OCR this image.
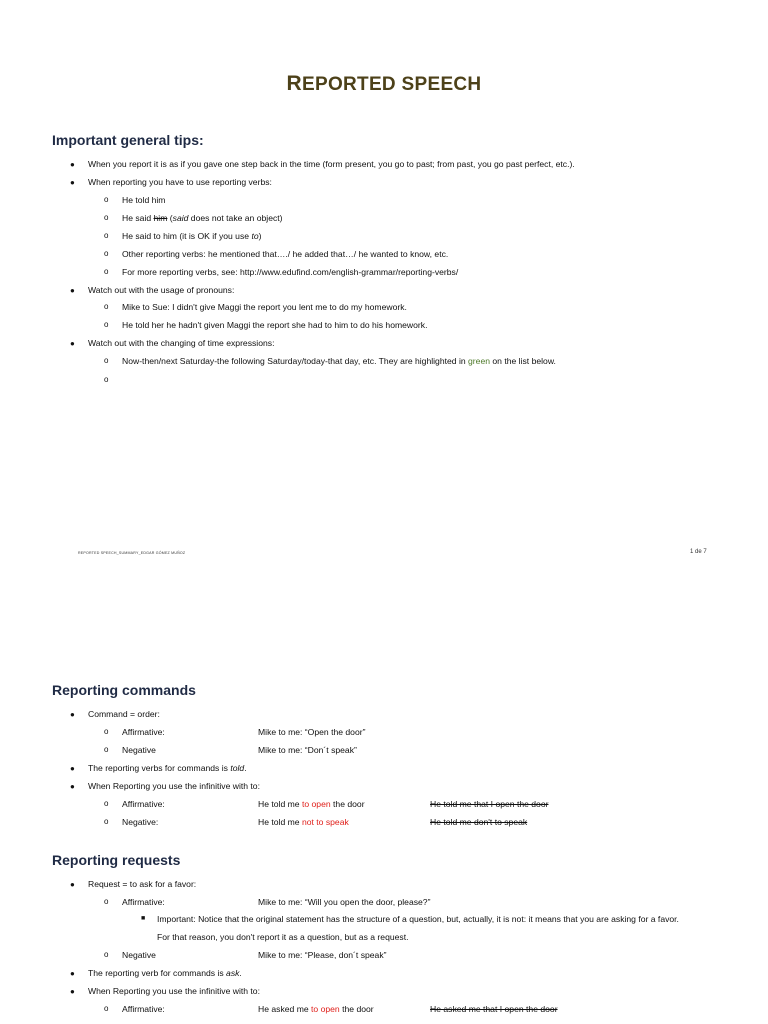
REPORTED SPEECH
Important general tips:
● When you report it is as if you gave one step back in the time (form present, you go to past; from past, you go past perfect, etc.).
● When reporting you have to use reporting verbs:
o He told him
o He said him (said does not take an object)
o He said to him (it is OK if you use to)
o Other reporting verbs: he mentioned that…./ he added that…/ he wanted to know, etc.
o For more reporting verbs, see: http://www.edufind.com/english-grammar/reporting-verbs/
● Watch out with the usage of pronouns:
o Mike to Sue: I didn't give Maggi the report you lent me to do my homework.
o He told her he hadn't given Maggi the report she had to him to do his homework.
● Watch out with the changing of time expressions:
o Now-then/next Saturday-the following Saturday/today-that day, etc. They are highlighted in green on the list below.
o
REPORTED SPEECH_SUMMARY_EDGAR GÓMEZ MUÑOZ	1 de 7
Reporting commands
● Command = order:
o Affirmative:	Mike to me: “Open the door”
o Negative	Mike to me: “Don´t speak”
● The reporting verbs for commands is told.
● When Reporting you use the infinitive with to:
o Affirmative:	He told me to open the door	He told me that I open the door
o Negative:	He told me not to speak	He told me don't to speak
Reporting requests
● Request = to ask for a favor:
o Affirmative:	Mike to me: “Will you open the door, please?”
■ Important: Notice that the original statement has the structure of a question, but, actually, it is not: it means that you are asking for a favor.
For that reason, you don't report it as a question, but as a request.
o Negative	Mike to me: “Please, don´t speak”
● The reporting verb for commands is ask.
● When Reporting you use the infinitive with to:
o Affirmative:	He asked me to open the door	He asked me that I open the door
